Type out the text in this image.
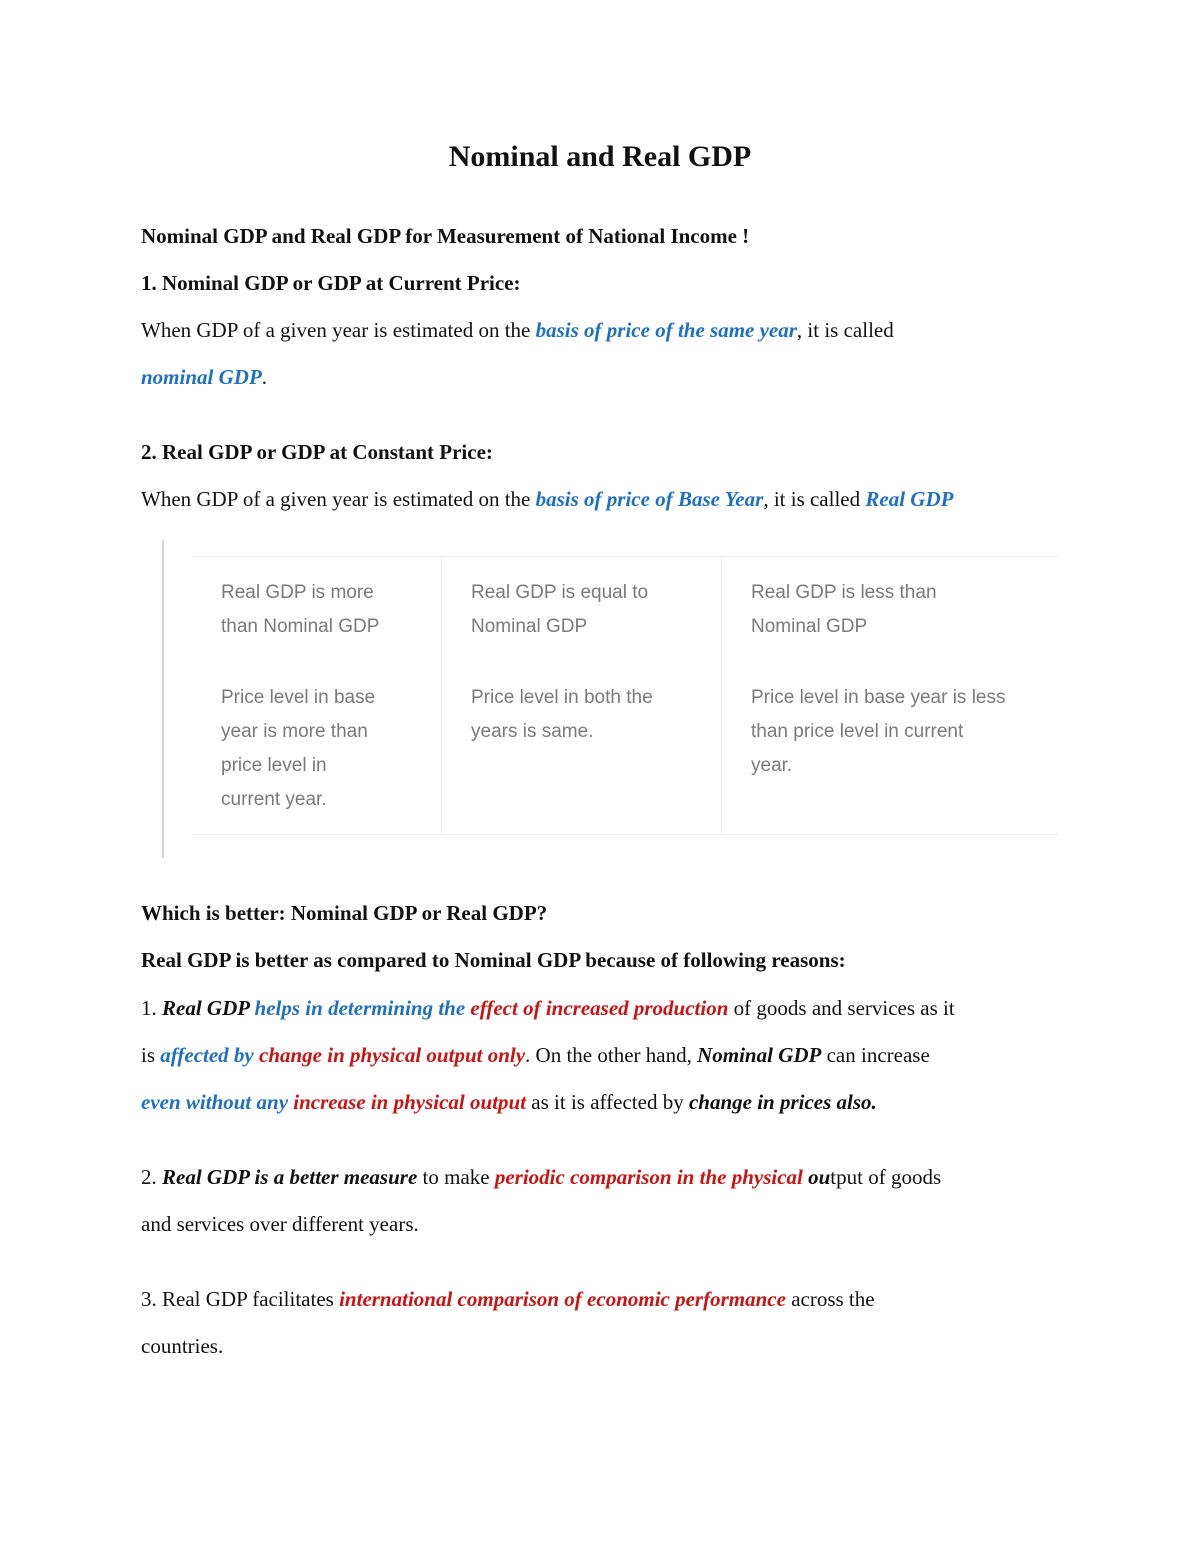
Nominal and Real GDP

Nominal GDP and Real GDP for Measurement of National Income !

1. Nominal GDP or GDP at Current Price:

When GDP of a given year is estimated on the basis of price of the same year, it is called
nominal GDP.

2. Real GDP or GDP at Constant Price:

When GDP of a given year is estimated on the basis of price of Base Year, it is called Real GDP

Real GDP is more
than Nominal GDP
Price level in base
year is more than
price level in
current year.
Real GDP is equal to
Nominal GDP
Price level in both the
years is same.
Real GDP is less than
Nominal GDP
Price level in base year is less
than price level in current
year.

Which is better: Nominal GDP or Real GDP?

Real GDP is better as compared to Nominal GDP because of following reasons:

1. Real GDP helps in determining the effect of increased production of goods and services as it
is affected by change in physical output only. On the other hand, Nominal GDP can increase
even without any increase in physical output as it is affected by change in prices also.

2. Real GDP is a better measure to make periodic comparison in the physical output of goods
and services over different years.

3. Real GDP facilitates international comparison of economic performance across the
countries.
